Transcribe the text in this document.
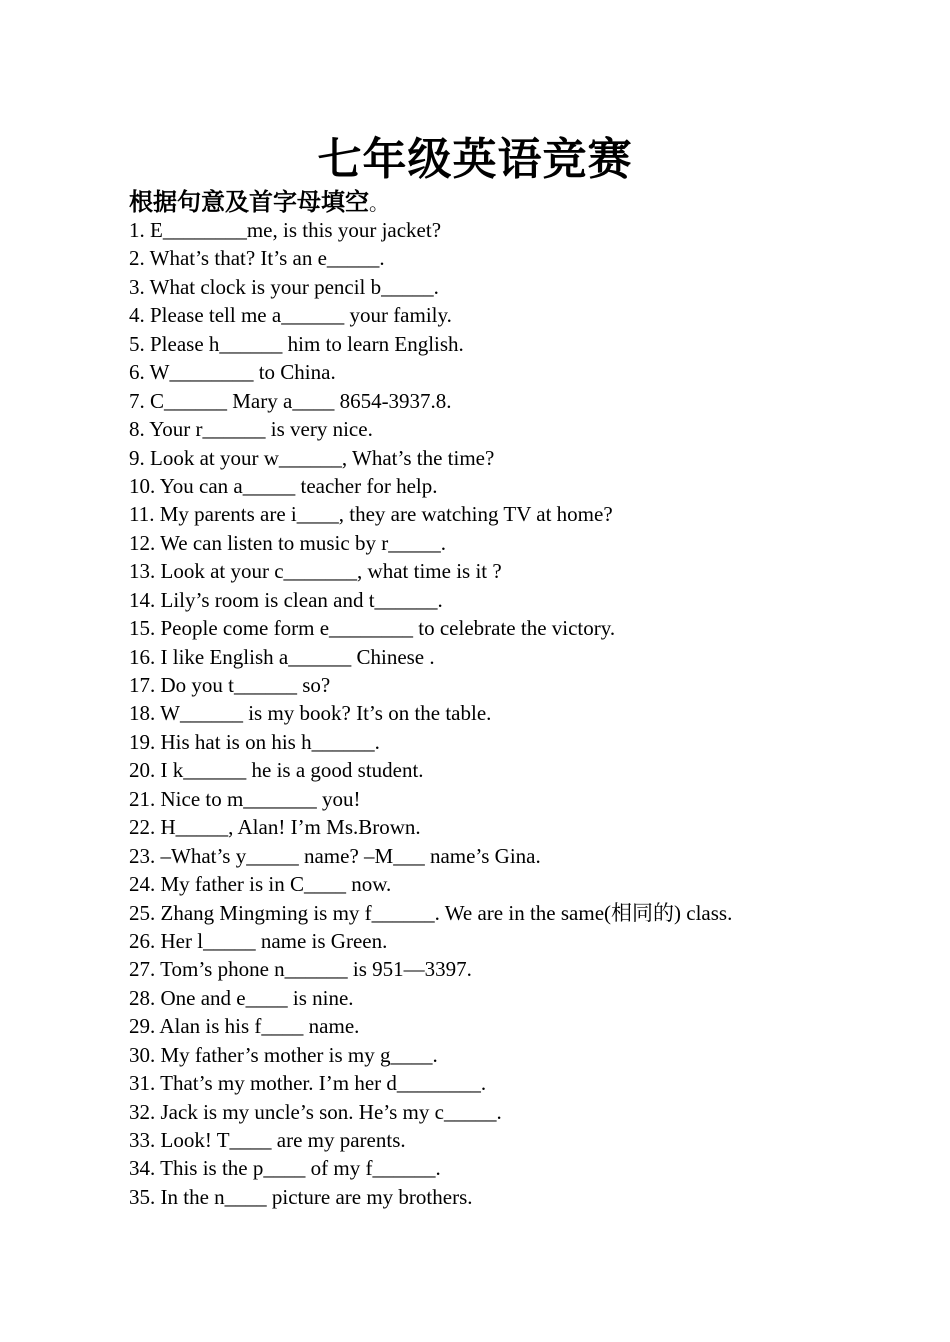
七年级英语竞赛

根据句意及首字母填空。

1. E________me, is this your jacket?
2. What’s that? It’s an e_____.
3. What clock is your pencil b_____.
4. Please tell me a______ your family.
5. Please h______ him to learn English.
6. W________ to China.
7. C______ Mary a____ 8654-3937.8.
8. Your r______ is very nice.
9. Look at your w______, What’s the time?
10. You can a_____ teacher for help.
11. My parents are i____, they are watching TV at home?
12. We can listen to music by r_____.
13. Look at your c_______, what time is it ?
14. Lily’s room is clean and t______.
15. People come form e________ to celebrate the victory.
16. I like English a______ Chinese .
17. Do you t______ so?
18. W______ is my book? It’s on the table.
19. His hat is on his h______.
20. I k______ he is a good student.
21. Nice to m_______ you!
22. H_____, Alan! I’m Ms.Brown.
23. –What’s y_____ name? –M___ name’s Gina.
24. My father is in C____ now.
25. Zhang Mingming is my f______. We are in the same(相同的) class.
26. Her l_____ name is Green.
27. Tom’s phone n______ is 951—3397.
28. One and e____ is nine.
29. Alan is his f____ name.
30. My father’s mother is my g____.
31. That’s my mother. I’m her d________.
32. Jack is my uncle’s son. He’s my c_____.
33. Look! T____ are my parents.
34. This is the p____ of my f______.
35. In the n____ picture are my brothers.
